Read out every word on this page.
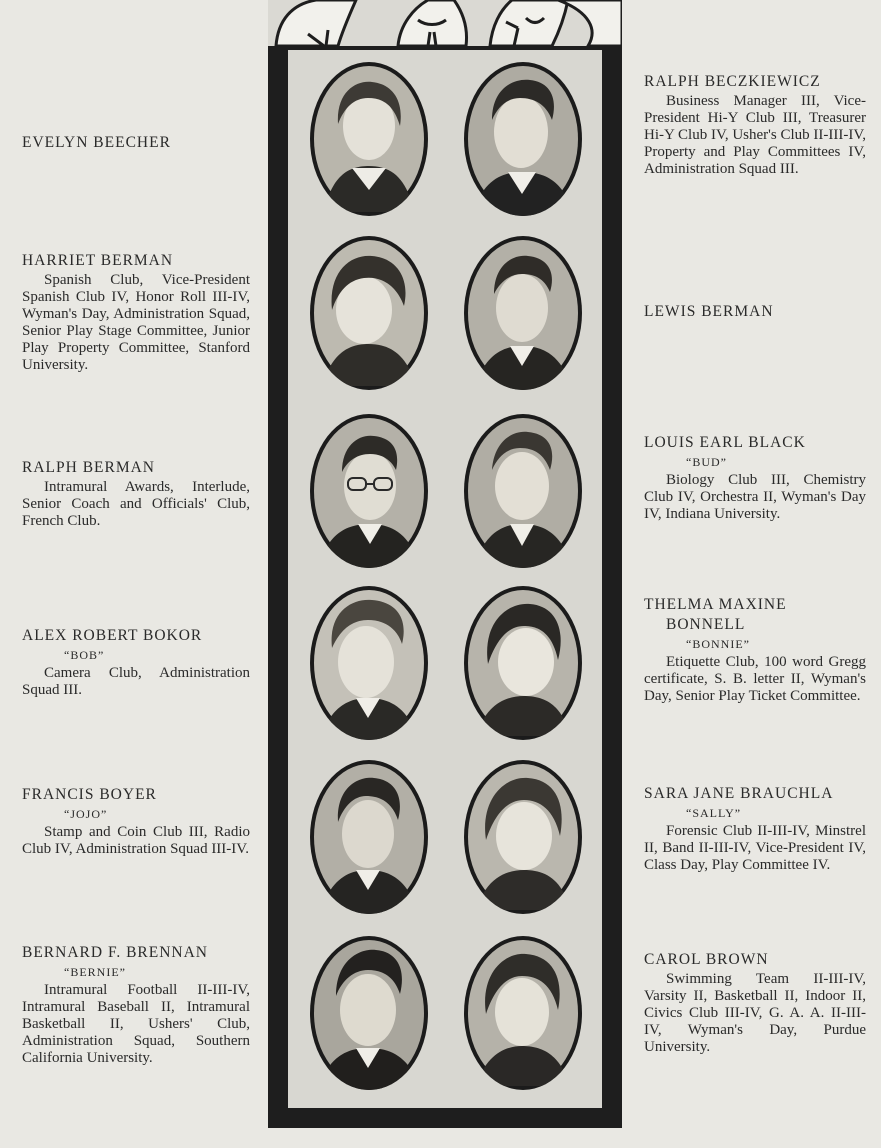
EVELYN BEECHER
HARRIET BERMAN
Spanish Club, Vice-President Spanish Club IV, Honor Roll III-IV, Wyman's Day, Administration Squad, Senior Play Stage Committee, Junior Play Property Committee, Stanford University.
RALPH BERMAN
Intramural Awards, Interlude, Senior Coach and Officials' Club, French Club.
ALEX ROBERT BOKOR
“BOB”
Camera Club, Administration Squad III.
FRANCIS BOYER
“JOJO”
Stamp and Coin Club III, Radio Club IV, Administration Squad III-IV.
BERNARD F. BRENNAN
“BERNIE”
Intramural Football II-III-IV, Intramural Baseball II, Intramural Basketball II, Ushers' Club, Administration Squad, Southern California University.
RALPH BECZKIEWICZ
Business Manager III, Vice-President Hi-Y Club III, Treasurer Hi-Y Club IV, Usher's Club II-III-IV, Property and Play Committees IV, Administration Squad III.
LEWIS BERMAN
LOUIS EARL BLACK
“BUD”
Biology Club III, Chemistry Club IV, Orchestra II, Wyman's Day IV, Indiana University.
THELMA MAXINE
BONNELL
“BONNIE”
Etiquette Club, 100 word Gregg certificate, S. B. letter II, Wyman's Day, Senior Play Ticket Committee.
SARA JANE BRAUCHLA
“SALLY”
Forensic Club II-III-IV, Minstrel II, Band II-III-IV, Vice-President IV, Class Day, Play Committee IV.
CAROL BROWN
Swimming Team II-III-IV, Varsity II, Basketball II, Indoor II, Civics Club III-IV, G. A. A. II-III-IV, Wyman's Day, Purdue University.
